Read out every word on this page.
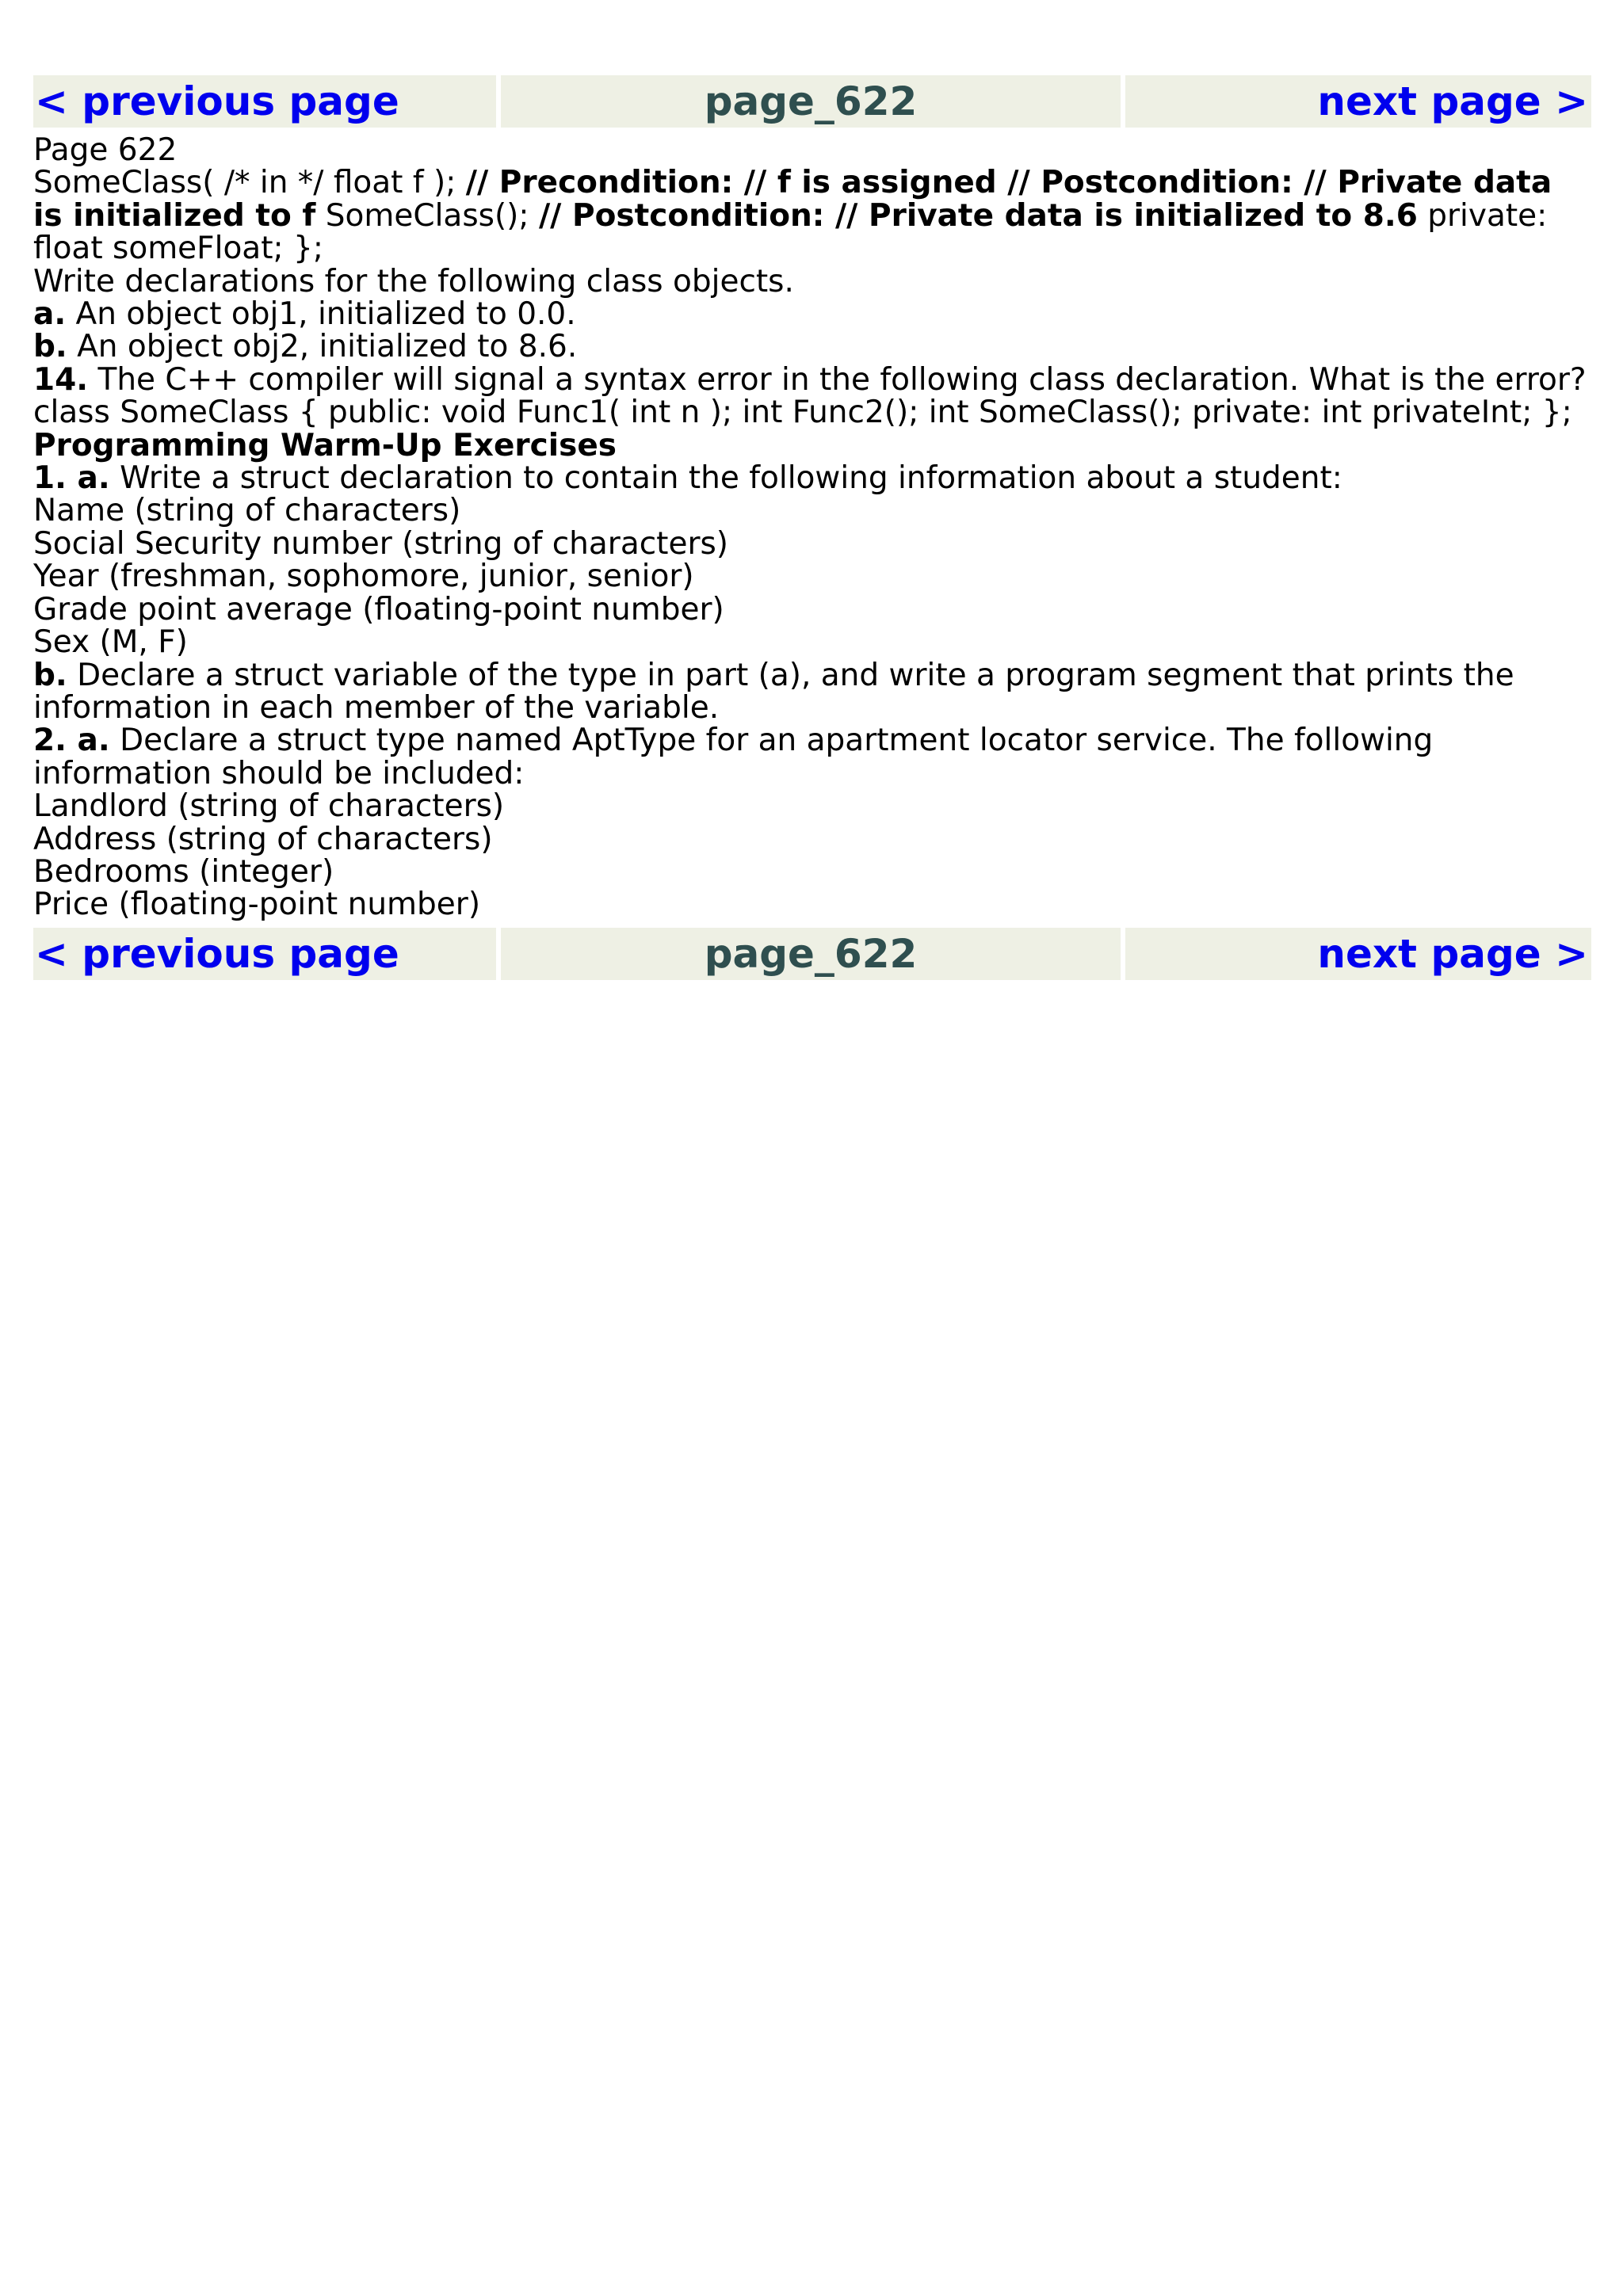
< previous page	page_622	next page >

Page 622

SomeClass( /* in */ float f ); // Precondition: // f is assigned // Postcondition: // Private data is initialized to f SomeClass(); // Postcondition: // Private data is initialized to 8.6 private: float someFloat; };

Write declarations for the following class objects.

a. An object obj1, initialized to 0.0.

b. An object obj2, initialized to 8.6.

14. The C++ compiler will signal a syntax error in the following class declaration. What is the error?

class SomeClass { public: void Func1( int n ); int Func2(); int SomeClass(); private: int privateInt; };

Programming Warm-Up Exercises

1. a. Write a struct declaration to contain the following information about a student:

Name (string of characters)

Social Security number (string of characters)

Year (freshman, sophomore, junior, senior)

Grade point average (floating-point number)

Sex (M, F)

b. Declare a struct variable of the type in part (a), and write a program segment that prints the information in each member of the variable.

2. a. Declare a struct type named AptType for an apartment locator service. The following information should be included:

Landlord (string of characters)

Address (string of characters)

Bedrooms (integer)

Price (floating-point number)

< previous page	page_622	next page >
